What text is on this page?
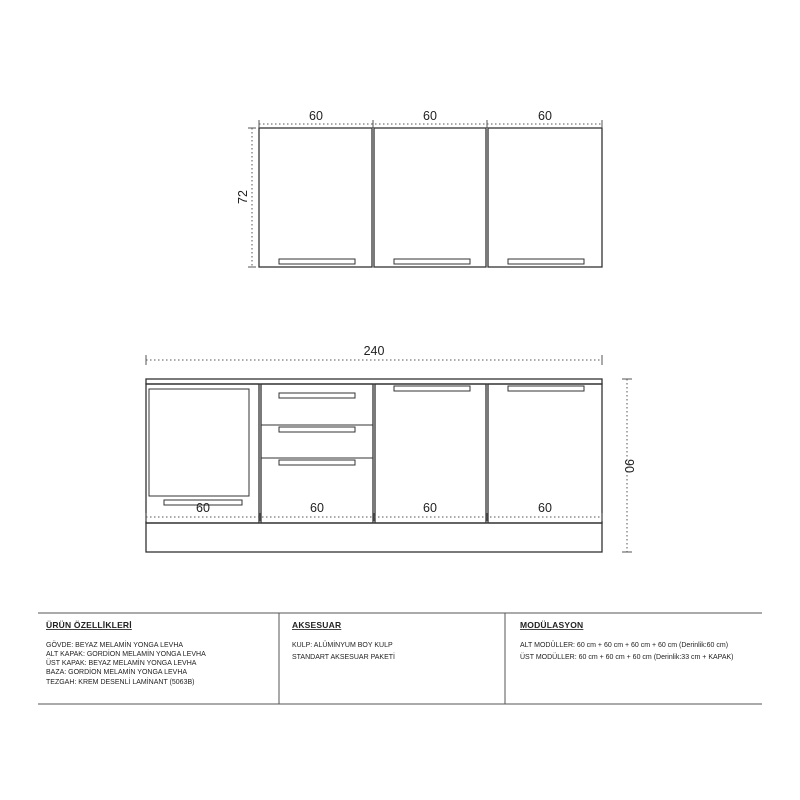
60	60	60
72
240
60	60	60	60
90
ÜRÜN ÖZELLİKLERİ
GÖVDE: BEYAZ MELAMİN YONGA LEVHA
ALT KAPAK: GORDİON MELAMİN YONGA LEVHA
ÜST KAPAK: BEYAZ MELAMİN YONGA LEVHA
BAZA: GORDİON MELAMİN YONGA LEVHA
TEZGAH: KREM DESENLİ LAMİNANT (5063B)
AKSESUAR
KULP: ALÜMİNYUM BOY KULP
STANDART AKSESUAR PAKETİ
MODÜLASYON
ALT MODÜLLER: 60 cm + 60 cm + 60 cm + 60 cm (Derinlik:60 cm)
ÜST MODÜLLER: 60 cm + 60 cm + 60 cm (Derinlik:33 cm + KAPAK)
